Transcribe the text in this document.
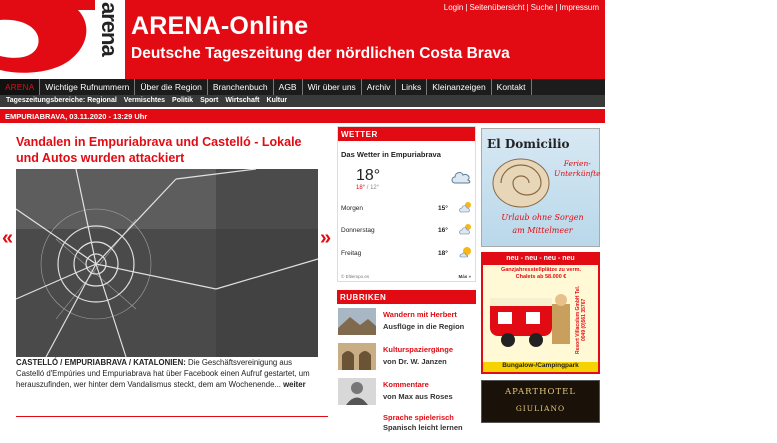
arena ARENA-Online
Deutsche Tageszeitung der nördlichen Costa Brava
Login | Seitenübersicht | Suche | Impressum
ARENA	Wichtige Rufnummern	Über die Region	Branchenbuch	AGB	Wir über uns	Archiv	Links	Kleinanzeigen	Kontakt
Tageszeitungsbereiche: Regional Vermischtes Politik Sport Wirtschaft Kultur
EMPURIABRAVA, 03.11.2020 - 13:29 Uhr
Vandalen in Empuriabrava und Castelló - Lokale und Autos wurden attackiert
«	»
CASTELLÓ / EMPURIABRAVA / KATALONIEN: Die Geschäftsvereinigung aus Castelló d'Empúries und Empuriabrava hat über Facebook einen Aufruf gestartet, um herauszufinden, wer hinter dem Vandalismus steckt, dem am Wochenende... weiter
WETTER
Das Wetter in Empuriabrava
18°
18° / 12°
Morgen	15°
Donnerstag	16°
Freitag	18°
© Eltiempo.es	Más »
RUBRIKEN
Wandern mit Herbert
Ausflüge in die Region
Kulturspaziergänge
von Dr. W. Janzen
Kommentare
von Max aus Roses
Sprache spielerisch
Spanisch leicht lernen
El Domicilio
Ferien-
Unterkünfte
Urlaub ohne Sorgen
am Mittelmeer
neu - neu - neu - neu
Ganzjahresstellplätze zu verm.
Chalets ab 58.000 €
Resort Villacolum GmbH Tel. 0049 (0)561 35767
Bungalow-/Campingpark
APARTHOTEL
GIULIANO
